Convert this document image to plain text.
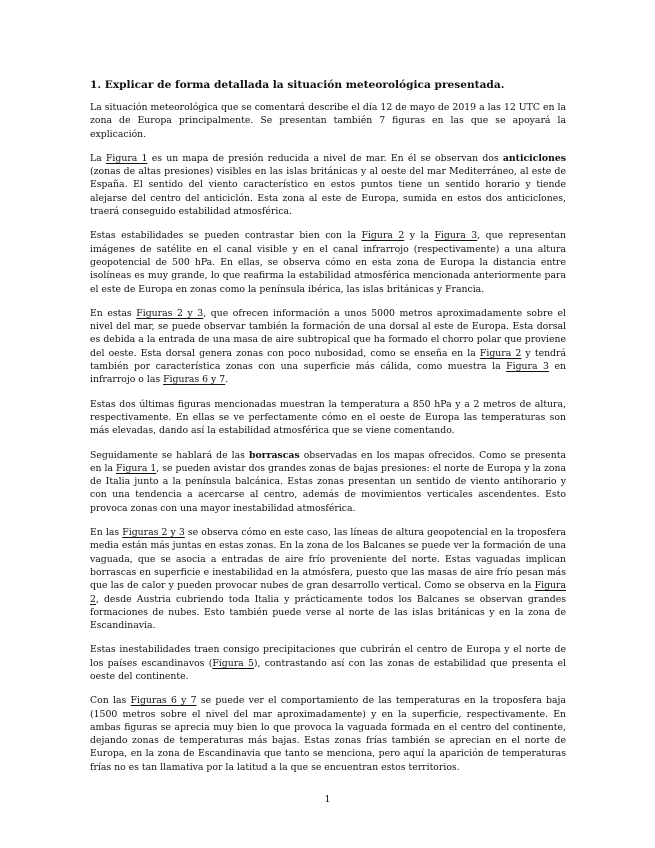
1. Explicar de forma detallada la situación meteorológica presentada.

La situación meteorológica que se comentará describe el día 12 de mayo de 2019 a las 12 UTC en la zona de Europa principalmente. Se presentan también 7 figuras en las que se apoyará la explicación.

La Figura 1 es un mapa de presión reducida a nivel de mar. En él se observan dos anticiclones (zonas de altas presiones) visibles en las islas británicas y al oeste del mar Mediterráneo, al este de España. El sentido del viento característico en estos puntos tiene un sentido horario y tiende alejarse del centro del anticiclón. Esta zona al este de Europa, sumida en estos dos anticiclones, traerá conseguido estabilidad atmosférica.

Estas estabilidades se pueden contrastar bien con la Figura 2 y la Figura 3, que representan imágenes de satélite en el canal visible y en el canal infrarrojo (respectivamente) a una altura geopotencial de 500 hPa. En ellas, se observa cómo en esta zona de Europa la distancia entre isolíneas es muy grande, lo que reafirma la estabilidad atmosférica mencionada anteriormente para el este de Europa en zonas como la península ibérica, las islas británicas y Francia.

En estas Figuras 2 y 3, que ofrecen información a unos 5000 metros aproximadamente sobre el nivel del mar, se puede observar también la formación de una dorsal al este de Europa. Esta dorsal es debida a la entrada de una masa de aire subtropical que ha formado el chorro polar que proviene del oeste. Esta dorsal genera zonas con poco nubosidad, como se enseña en la Figura 2 y tendrá también por característica zonas con una superficie más cálida, como muestra la Figura 3 en infrarrojo o las Figuras 6 y 7.

Estas dos últimas figuras mencionadas muestran la temperatura a 850 hPa y a 2 metros de altura, respectivamente. En ellas se ve perfectamente cómo en el oeste de Europa las temperaturas son más elevadas, dando así la estabilidad atmosférica que se viene comentando.

Seguidamente se hablará de las borrascas observadas en los mapas ofrecidos. Como se presenta en la Figura 1, se pueden avistar dos grandes zonas de bajas presiones: el norte de Europa y la zona de Italia junto a la península balcánica. Estas zonas presentan un sentido de viento antihorario y con una tendencia a acercarse al centro, además de movimientos verticales ascendentes. Esto provoca zonas con una mayor inestabilidad atmosférica.

En las Figuras 2 y 3 se observa cómo en este caso, las líneas de altura geopotencial en la troposfera media están más juntas en estas zonas. En la zona de los Balcanes se puede ver la formación de una vaguada, que se asocia a entradas de aire frío proveniente del norte. Estas vaguadas implican borrascas en superficie e inestabilidad en la atmósfera, puesto que las masas de aire frío pesan más que las de calor y pueden provocar nubes de gran desarrollo vertical. Como se observa en la Figura 2, desde Austria cubriendo toda Italia y prácticamente todos los Balcanes se observan grandes formaciones de nubes. Esto también puede verse al norte de las islas británicas y en la zona de Escandinavia.

Estas inestabilidades traen consigo precipitaciones que cubrirán el centro de Europa y el norte de los países escandinavos (Figura 5), contrastando así con las zonas de estabilidad que presenta el oeste del continente.

Con las Figuras 6 y 7 se puede ver el comportamiento de las temperaturas en la troposfera baja (1500 metros sobre el nivel del mar aproximadamente) y en la superficie, respectivamente. En ambas figuras se aprecia muy bien lo que provoca la vaguada formada en el centro del continente, dejando zonas de temperaturas más bajas. Estas zonas frías también se aprecian en el norte de Europa, en la zona de Escandinavia que tanto se menciona, pero aquí la aparición de temperaturas frías no es tan llamativa por la latitud a la que se encuentran estos territorios.

1
